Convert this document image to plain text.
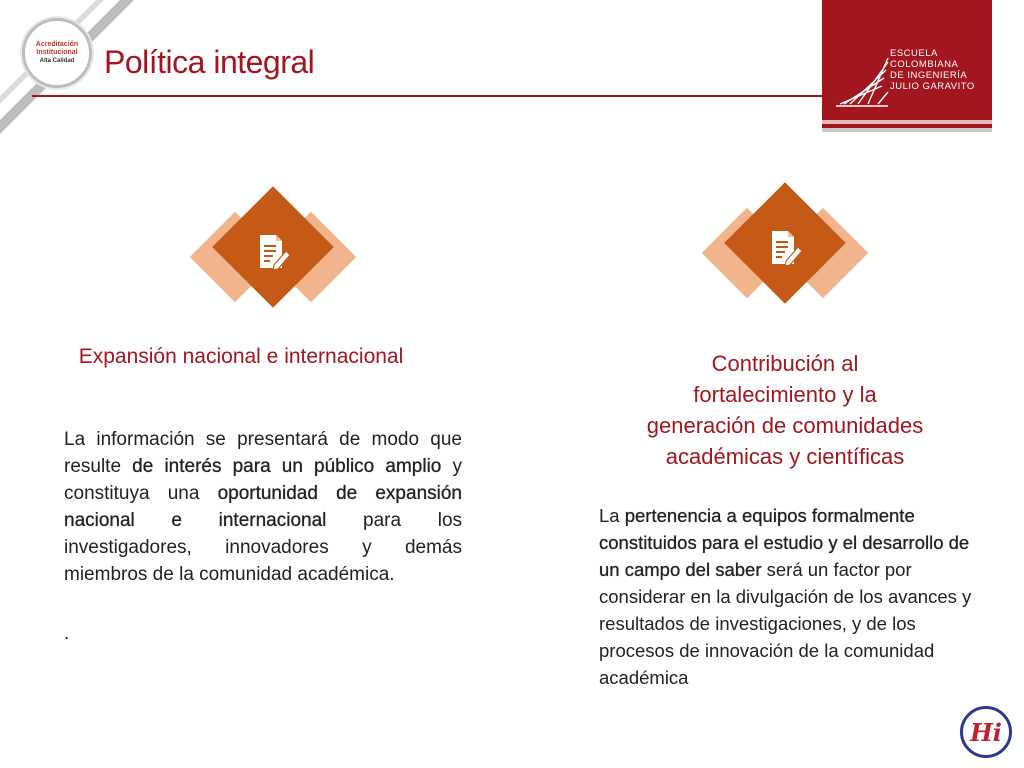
Acreditación
Institucional
Alta Calidad Política integral	ESCUELA
COLOMBIANA
DE INGENIERÍA
JULIO GARAVITO
Expansión nacional e internacional

La información se presentará de modo que resulte de interés para un público amplio y constituya una oportunidad de expansión nacional e internacional para los investigadores, innovadores y demás miembros de la comunidad académica.

.

Contribución al
fortalecimiento y la
generación de comunidades
académicas y científicas

La pertenencia a equipos formalmente constituidos para el estudio y el desarrollo de un campo del saber será un factor por considerar en la divulgación de los avances y resultados de investigaciones, y de los procesos de innovación de la comunidad académica

Hi
